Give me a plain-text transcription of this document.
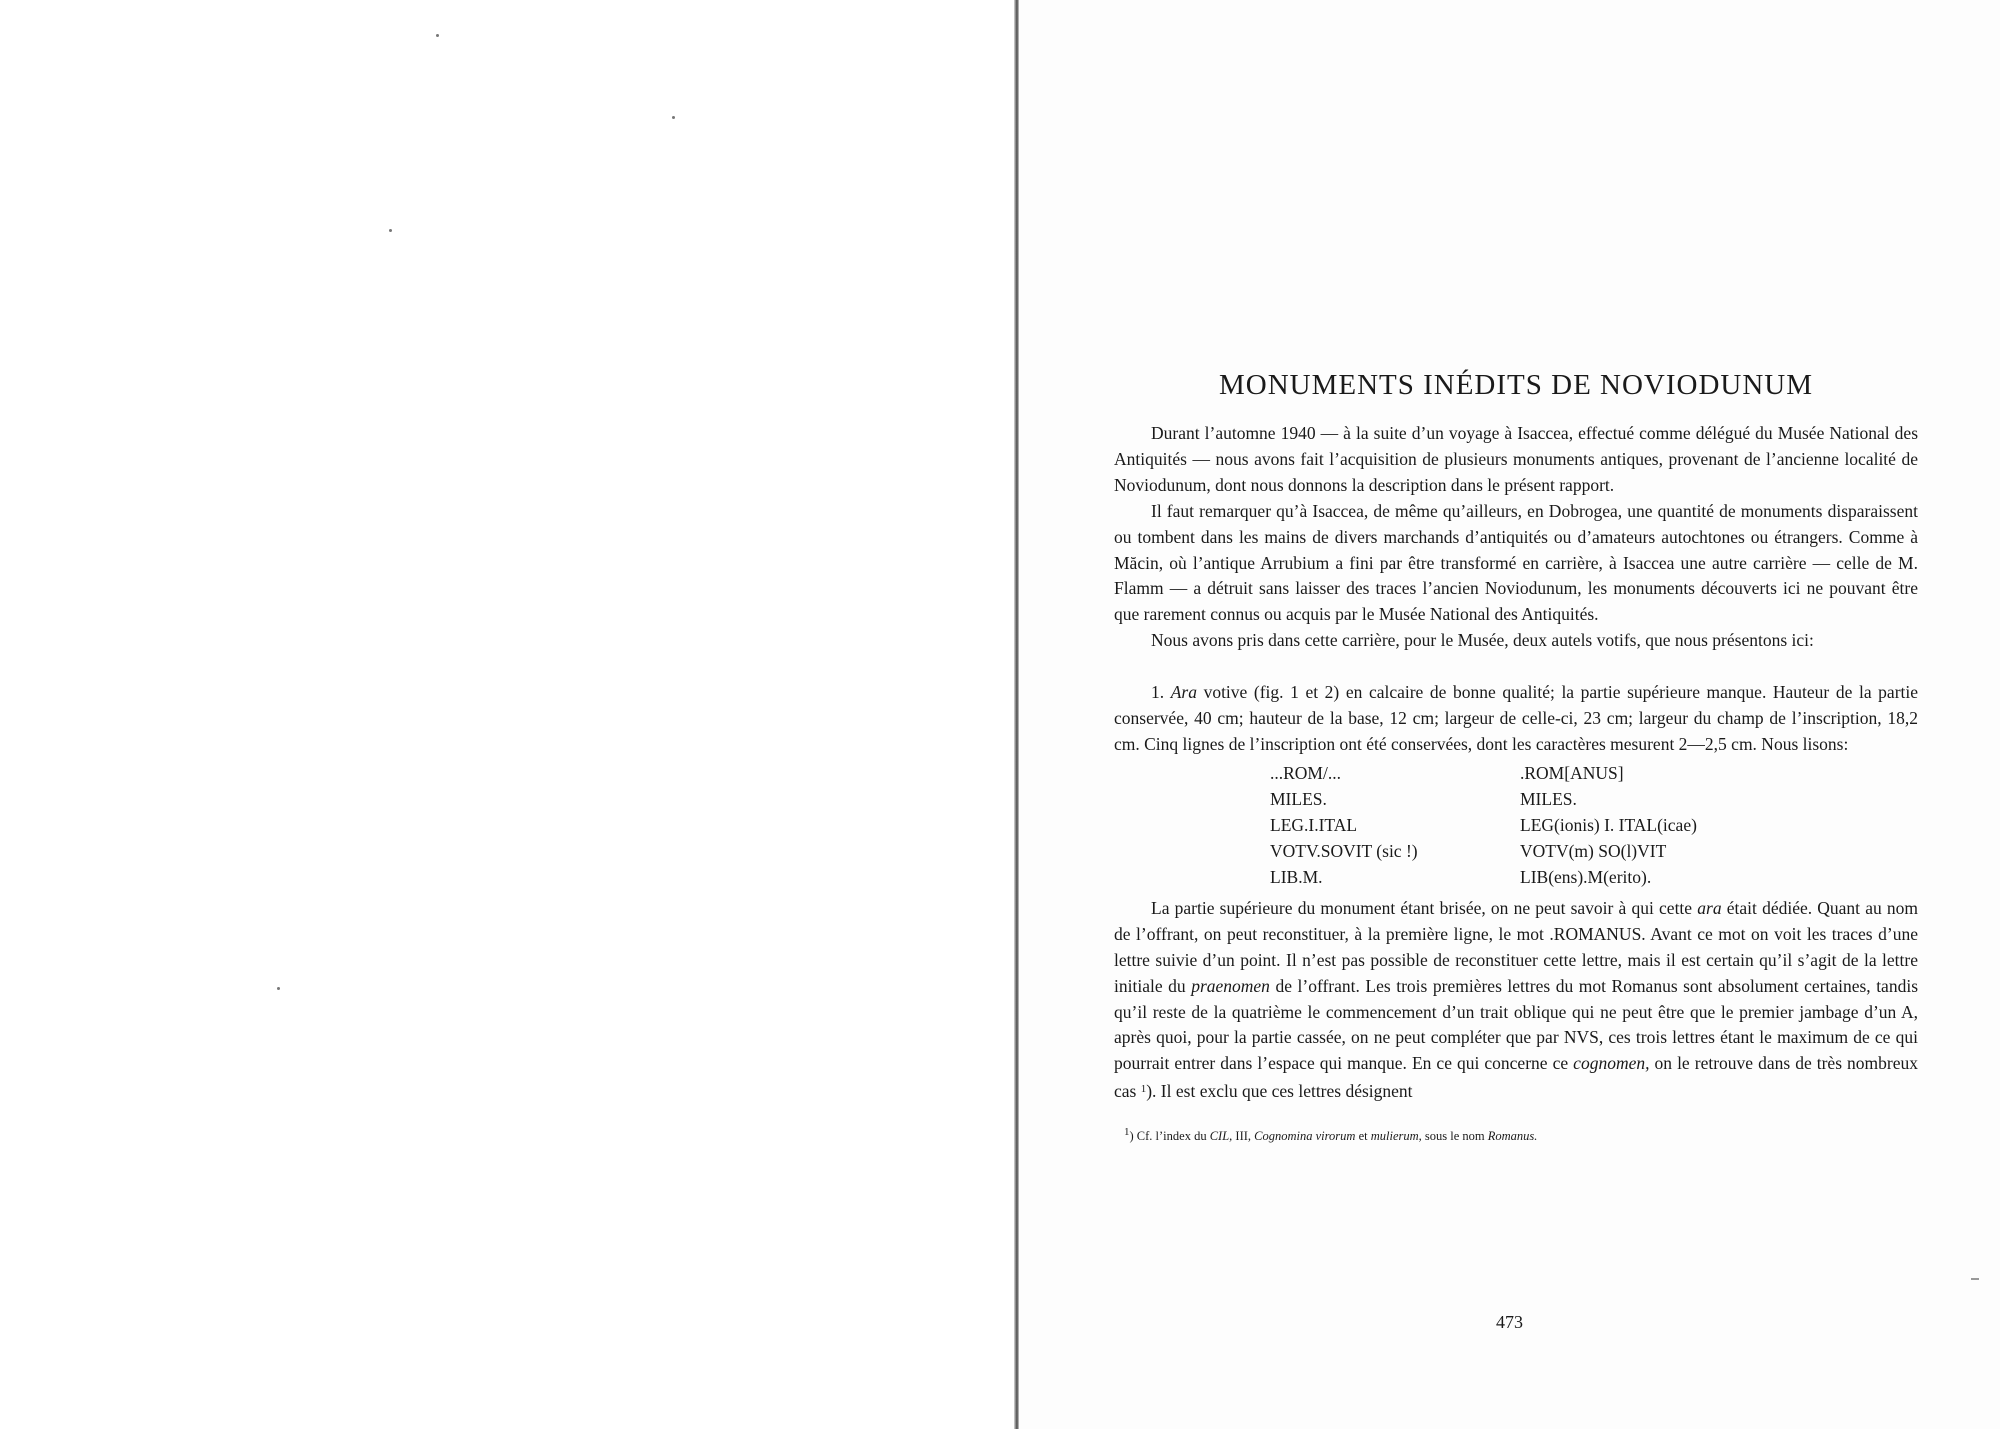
MONUMENTS INÉDITS DE NOVIODUNUM

Durant l’automne 1940 — à la suite d’un voyage à Isaccea, effectué comme délégué du Musée National des Antiquités — nous avons fait l’acquisition de plusieurs monuments antiques, provenant de l’ancienne localité de Noviodunum, dont nous donnons la description dans le présent rapport.

Il faut remarquer qu’à Isaccea, de même qu’ailleurs, en Dobrogea, une quantité de monuments disparaissent ou tombent dans les mains de divers marchands d’antiquités ou d’amateurs autochtones ou étrangers. Comme à Măcin, où l’antique Arrubium a fini par être transformé en carrière, à Isaccea une autre carrière — celle de M. Flamm — a détruit sans laisser des traces l’ancien Noviodunum, les monuments découverts ici ne pouvant être que rarement connus ou acquis par le Musée National des Antiquités.

Nous avons pris dans cette carrière, pour le Musée, deux autels votifs, que nous présentons ici:

1. Ara votive (fig. 1 et 2) en calcaire de bonne qualité; la partie supérieure manque. Hauteur de la partie conservée, 40 cm; hauteur de la base, 12 cm; largeur de celle-ci, 23 cm; largeur du champ de l’inscription, 18,2 cm. Cinq lignes de l’inscription ont été conservées, dont les caractères mesurent 2—2,5 cm. Nous lisons:

...ROM/...	.ROM[ANUS]
MILES.	MILES.
LEG.I.ITAL	LEG(ionis) I. ITAL(icae)
VOTV.SOVIT (sic !)	VOTV(m) SO(l)VIT
LIB.M.	LIB(ens).M(erito).

La partie supérieure du monument étant brisée, on ne peut savoir à qui cette ara était dédiée. Quant au nom de l’offrant, on peut reconstituer, à la première ligne, le mot .ROMANUS. Avant ce mot on voit les traces d’une lettre suivie d’un point. Il n’est pas possible de reconstituer cette lettre, mais il est certain qu’il s’agit de la lettre initiale du praenomen de l’offrant. Les trois premières lettres du mot Romanus sont absolument certaines, tandis qu’il reste de la quatrième le commencement d’un trait oblique qui ne peut être que le premier jambage d’un A, après quoi, pour la partie cassée, on ne peut compléter que par NVS, ces trois lettres étant le maximum de ce qui pourrait entrer dans l’espace qui manque. En ce qui concerne ce cognomen, on le retrouve dans de très nombreux cas $^1$). Il est exclu que ces lettres désignent

1) Cf. l’index du CIL, III, Cognomina virorum et mulierum, sous le nom Romanus.

473
